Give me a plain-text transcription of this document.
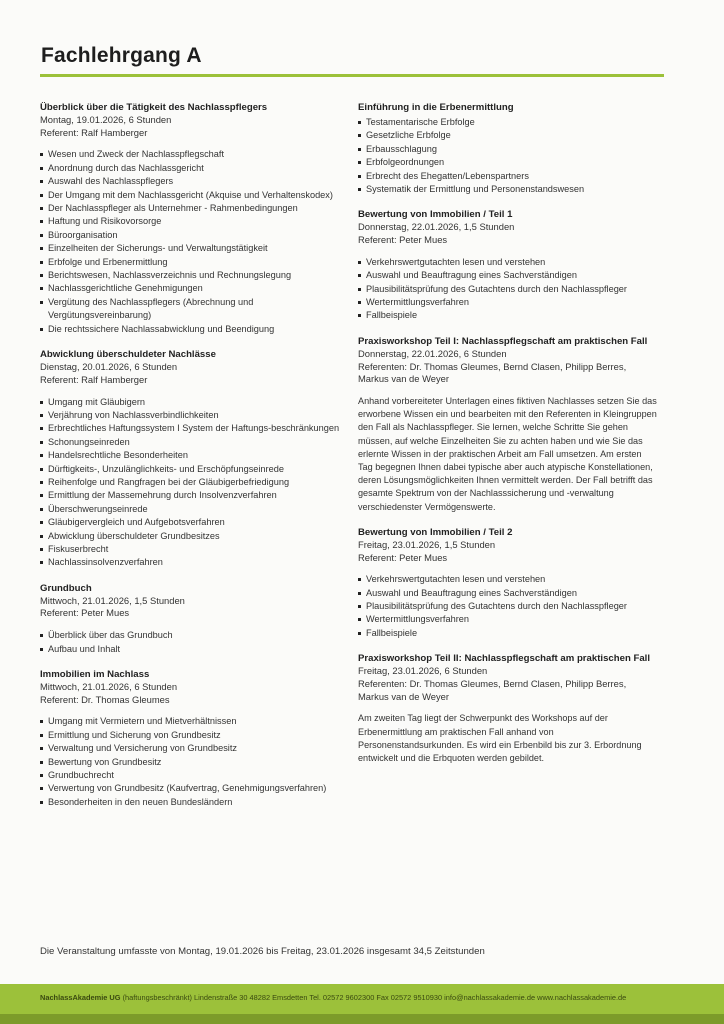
Fachlehrgang A
Überblick über die Tätigkeit des Nachlasspflegers
Montag, 19.01.2026, 6 Stunden
Referent: Ralf Hamberger
Wesen und Zweck der Nachlasspflegschaft
Anordnung durch das Nachlassgericht
Auswahl des Nachlasspflegers
Der Umgang mit dem Nachlassgericht (Akquise und Verhaltenskodex)
Der Nachlasspfleger als Unternehmer - Rahmenbedingungen
Haftung und Risikovorsorge
Büroorganisation
Einzelheiten der Sicherungs- und Verwaltungstätigkeit
Erbfolge und Erbenermittlung
Berichtswesen, Nachlassverzeichnis und Rechnungslegung
Nachlassgerichtliche Genehmigungen
Vergütung des Nachlasspflegers (Abrechnung und Vergütungsvereinbarung)
Die rechtssichere Nachlassabwicklung und Beendigung
Abwicklung überschuldeter Nachlässe
Dienstag, 20.01.2026, 6 Stunden
Referent: Ralf Hamberger
Umgang mit Gläubigern
Verjährung von Nachlassverbindlichkeiten
Erbrechtliches Haftungssystem I System der Haftungs-beschränkungen
Schonungseinreden
Handelsrechtliche Besonderheiten
Dürftigkeits-, Unzulänglichkeits- und Erschöpfungseinrede
Reihenfolge und Rangfragen bei der Gläubigerbefriedigung
Ermittlung der Massemehrung durch Insolvenzverfahren
Überschwerungseinrede
Gläubigervergleich und Aufgebotsverfahren
Abwicklung überschuldeter Grundbesitzes
Fiskuserbrecht
Nachlassinsolvenzverfahren
Grundbuch
Mittwoch, 21.01.2026, 1,5 Stunden
Referent: Peter Mues
Überblick über das Grundbuch
Aufbau und Inhalt
Immobilien im Nachlass
Mittwoch, 21.01.2026, 6 Stunden
Referent: Dr. Thomas Gleumes
Umgang mit Vermietern und Mietverhältnissen
Ermittlung und Sicherung von Grundbesitz
Verwaltung und Versicherung von Grundbesitz
Bewertung von Grundbesitz
Grundbuchrecht
Verwertung von Grundbesitz (Kaufvertrag, Genehmigungsverfahren)
Besonderheiten in den neuen Bundesländern
Einführung in die Erbenermittlung
Testamentarische Erbfolge
Gesetzliche Erbfolge
Erbausschlagung
Erbfolgeordnungen
Erbrecht des Ehegatten/Lebenspartners
Systematik der Ermittlung und Personenstandswesen
Bewertung von Immobilien / Teil 1
Donnerstag, 22.01.2026, 1,5 Stunden
Referent: Peter Mues
Verkehrswertgutachten lesen und verstehen
Auswahl und Beauftragung eines Sachverständigen
Plausibilitätsprüfung des Gutachtens durch den Nachlasspfleger
Wertermittlungsverfahren
Fallbeispiele
Praxisworkshop Teil I: Nachlasspflegschaft am praktischen Fall
Donnerstag, 22.01.2026, 6 Stunden
Referenten: Dr. Thomas Gleumes, Bernd Clasen, Philipp Berres, Markus van de Weyer
Anhand vorbereiteter Unterlagen eines fiktiven Nachlasses setzen Sie das erworbene Wissen ein und bearbeiten mit den Referenten in Kleingruppen den Fall als Nachlasspfleger. Sie lernen, welche Schritte Sie gehen müssen, auf welche Einzelheiten Sie zu achten haben und wie Sie das erlernte Wissen in der praktischen Arbeit am Fall umsetzen. Am ersten Tag begegnen Ihnen dabei typische aber auch atypische Konstellationen, deren Lösungsmöglichkeiten Ihnen vermittelt werden. Der Fall betrifft das gesamte Spektrum von der Nachlasssicherung und -verwaltung verschiedenster Vermögenswerte.
Bewertung von Immobilien / Teil 2
Freitag, 23.01.2026, 1,5 Stunden
Referent: Peter Mues
Verkehrswertgutachten lesen und verstehen
Auswahl und Beauftragung eines Sachverständigen
Plausibilitätsprüfung des Gutachtens durch den Nachlasspfleger
Wertermittlungsverfahren
Fallbeispiele
Praxisworkshop Teil II: Nachlasspflegschaft am praktischen Fall
Freitag, 23.01.2026, 6 Stunden
Referenten: Dr. Thomas Gleumes, Bernd Clasen, Philipp Berres, Markus van de Weyer
Am zweiten Tag liegt der Schwerpunkt des Workshops auf der Erbenermittlung am praktischen Fall anhand von Personenstandsurkunden. Es wird ein Erbenbild bis zur 3. Erbordnung entwickelt und die Erbquoten werden gebildet.
Die Veranstaltung umfasste von Montag, 19.01.2026 bis Freitag, 23.01.2026 insgesamt 34,5 Zeitstunden
NachlassAkademie UG (haftungsbeschränkt) Lindenstraße 30 48282 Emsdetten Tel. 02572 9602300 Fax 02572 9510930 info@nachlassakademie.de www.nachlassakademie.de
